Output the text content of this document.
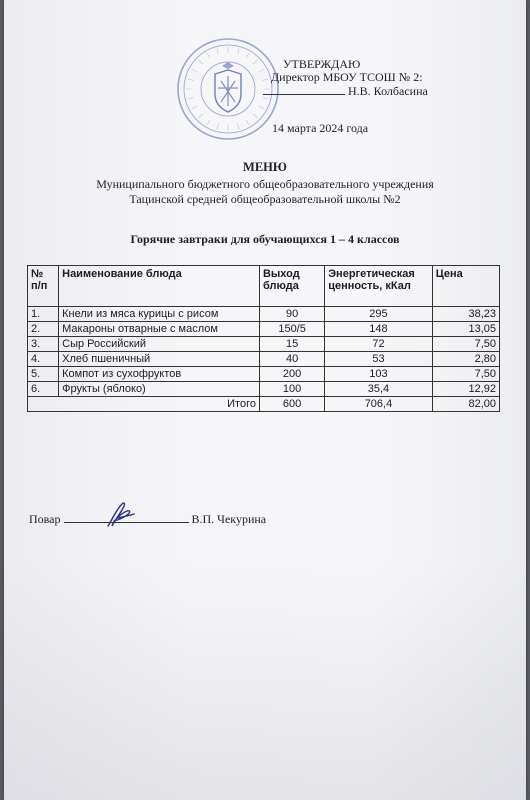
УТВЕРЖДАЮ
Директор МБОУ ТСОШ № 2:
Н.В. Колбасина
14 марта 2024 года
МЕНЮ
Муниципального бюджетного общеобразовательного учреждения
Тацинской средней общеобразовательной школы №2
Горячие завтраки для обучающихся 1 – 4 классов
№ п/п	Наименование блюда	Выход блюда	Энергетическая ценность, кКал	Цена
1.	Кнели из мяса курицы с рисом	90	295	38,23
2.	Макароны отварные с маслом	150/5	148	13,05
3.	Сыр Российский	15	72	7,50
4.	Хлеб пшеничный	40	53	2,80
5.	Компот из сухофруктов	200	103	7,50
6.	Фрукты (яблоко)	100	35,4	12,92
Итого		600	706,4	82,00
Повар	В.П. Чекурина
